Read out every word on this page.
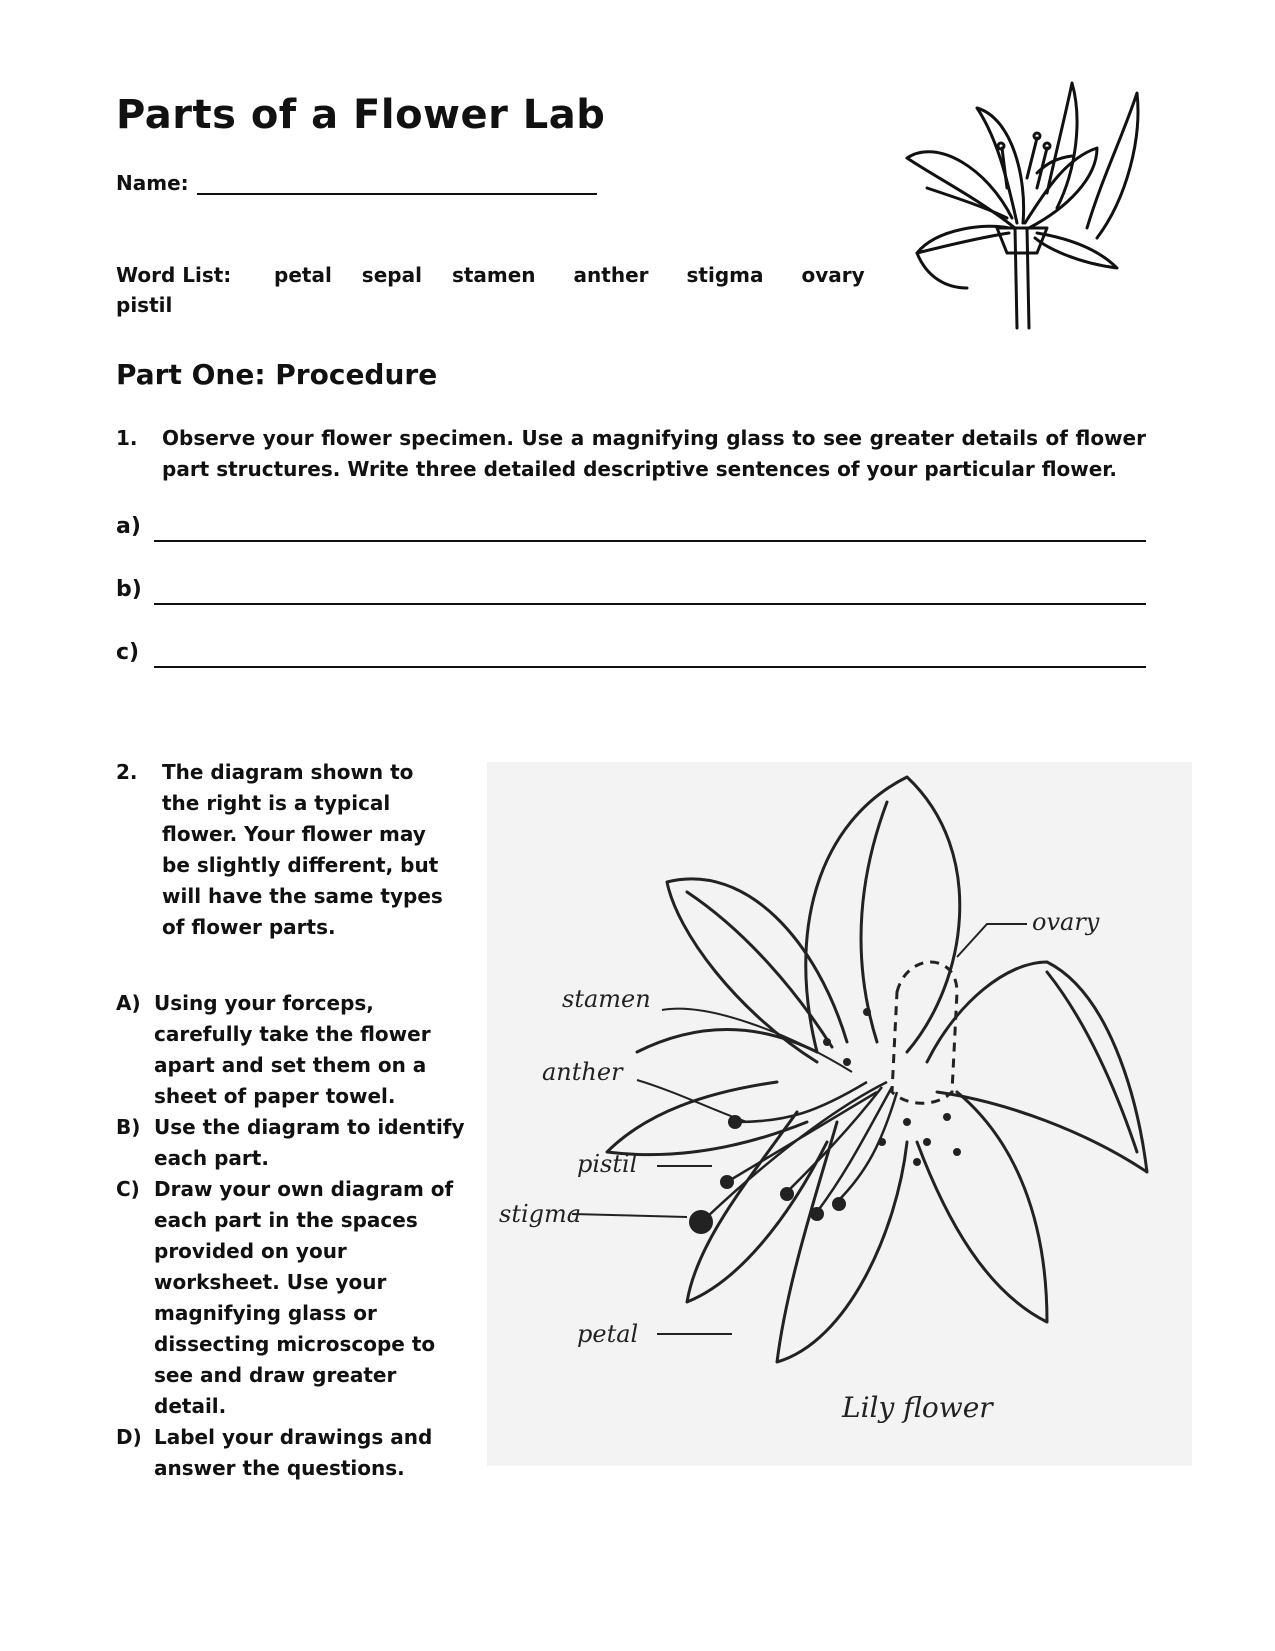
Parts of a Flower Lab
Name:
Word List: petal sepal stamen anther stigma ovary
pistil
Part One: Procedure
1. Observe your flower specimen. Use a magnifying glass to see greater details of flower part structures. Write three detailed descriptive sentences of your particular flower.
a)
b)
c)
2. The diagram shown to the right is a typical flower. Your flower may be slightly different, but will have the same types of flower parts.
A) Using your forceps, carefully take the flower apart and set them on a sheet of paper towel.
B) Use the diagram to identify each part.
C) Draw your own diagram of each part in the spaces provided on your worksheet. Use your magnifying glass or dissecting microscope to see and draw greater detail.
D) Label your drawings and answer the questions.
ovary
stamen
anther
pistil
stigma
petal
Lily flower
